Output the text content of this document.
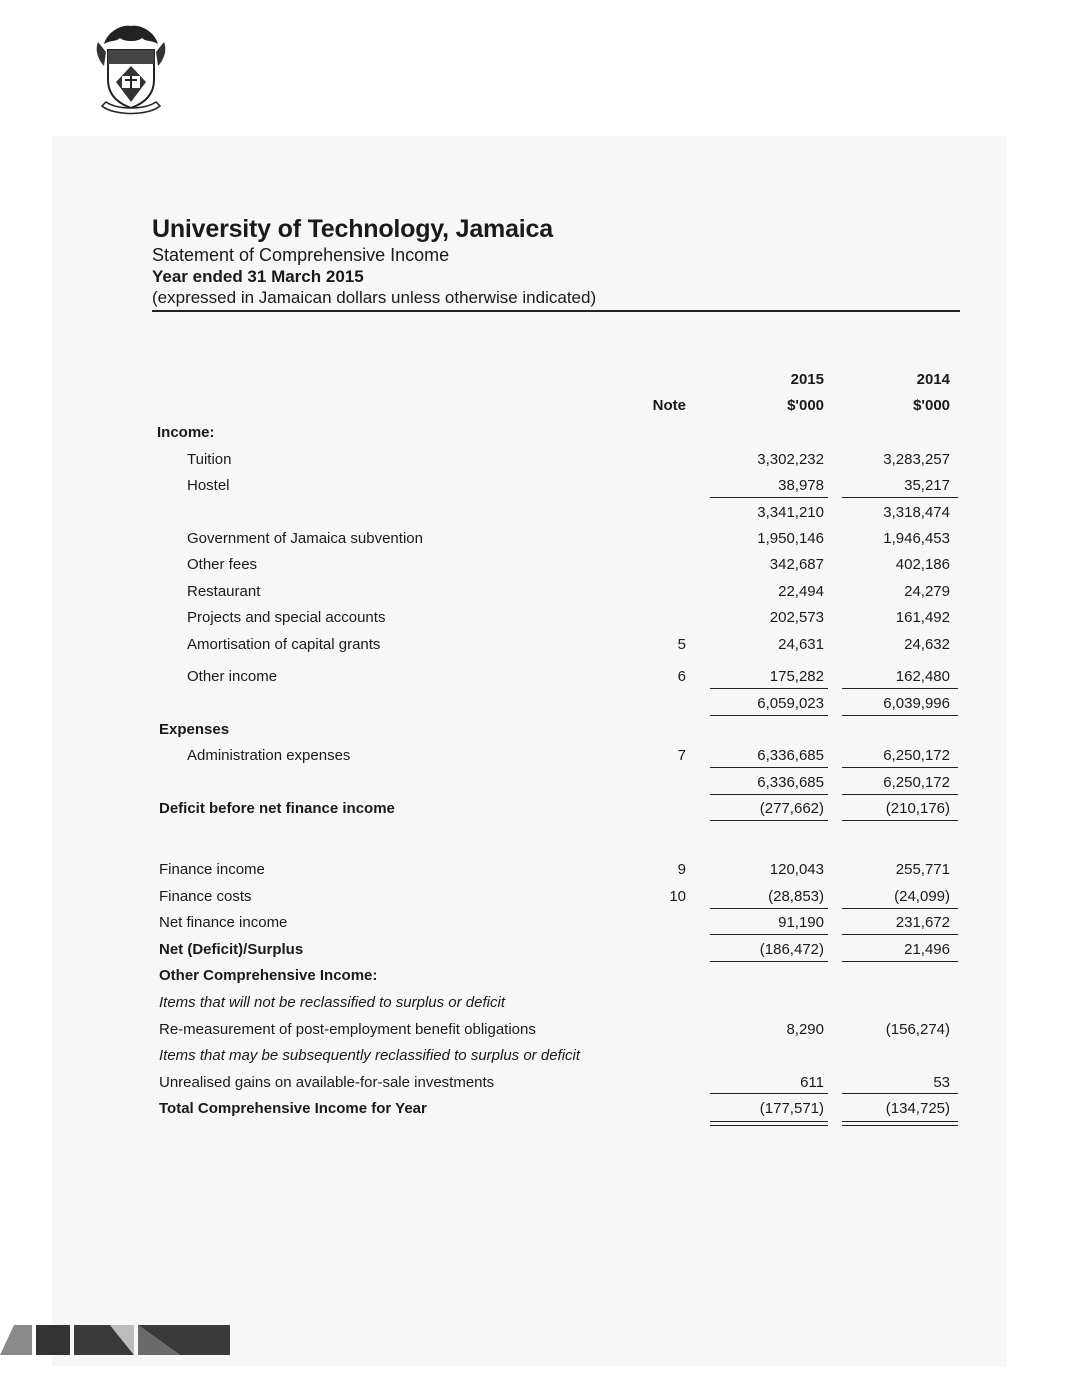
University of Technology, Jamaica
Statement of Comprehensive Income
Year ended 31 March 2015
(expressed in Jamaican dollars unless otherwise indicated)
2015	2014
Note	$'000	$'000
Income:
Tuition	3,302,232	3,283,257
Hostel	38,978	35,217
3,341,210	3,318,474
Government of Jamaica subvention	1,950,146	1,946,453
Other fees	342,687	402,186
Restaurant	22,494	24,279
Projects and special accounts	202,573	161,492
Amortisation of capital grants	5	24,631	24,632
Other income	6	175,282	162,480
6,059,023	6,039,996
Expenses
Administration expenses	7	6,336,685	6,250,172
6,336,685	6,250,172
Deficit before net finance income	(277,662)	(210,176)
Finance income	9	120,043	255,771
Finance costs	10	(28,853)	(24,099)
Net finance income	91,190	231,672
Net (Deficit)/Surplus	(186,472)	21,496
Other Comprehensive Income:
Items that will not be reclassified to surplus or deficit
Re-measurement of post-employment benefit obligations	8,290	(156,274)
Items that may be subsequently reclassified to surplus or deficit
Unrealised gains on available-for-sale investments	611	53
Total Comprehensive Income for Year	(177,571)	(134,725)
